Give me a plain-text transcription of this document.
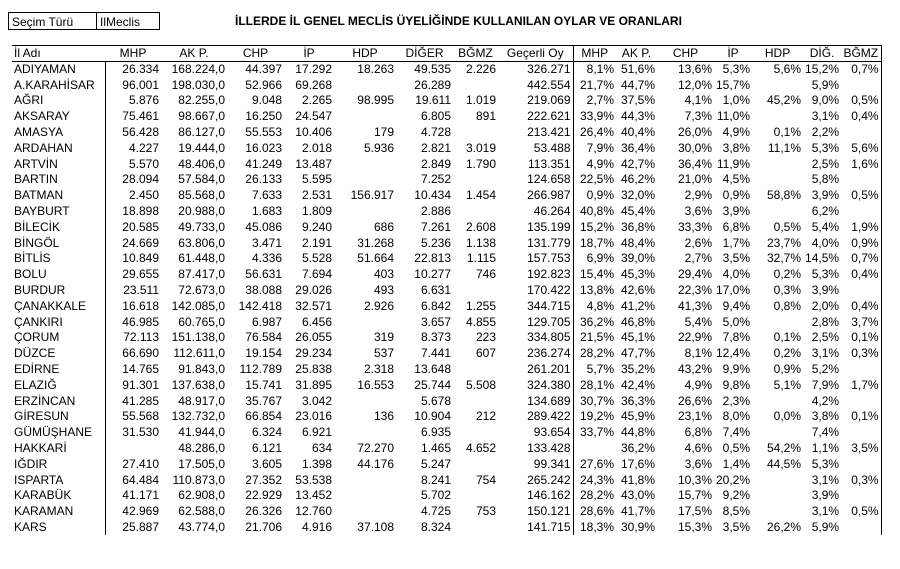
Seçim Türü	IlMeclis	İLLERDE İL GENEL MECLİS ÜYELİĞİNDE KULLANILAN OYLAR VE ORANLARI
İl Adı	MHP	AK P.	CHP	İP	HDP	DİĞER	BĞMZ	Geçerli Oy	MHP	AK P.	CHP	İP	HDP	DİĞ.	BĞMZ
ADIYAMAN	26.334	168.224,0	44.397	17.292	18.263	49.535	2.226	326.271	8,1%	51,6%	13,6%	5,3%	5,6%	15,2%	0,7%
A.KARAHİSAR	96.001	198.030,0	52.966	69.268		26.289		442.554	21,7%	44,7%	12,0%	15,7%		5,9%	
AĞRI	5.876	82.255,0	9.048	2.265	98.995	19.611	1.019	219.069	2,7%	37,5%	4,1%	1,0%	45,2%	9,0%	0,5%
AKSARAY	75.461	98.667,0	16.250	24.547		6.805	891	222.621	33,9%	44,3%	7,3%	11,0%		3,1%	0,4%
AMASYA	56.428	86.127,0	55.553	10.406	179	4.728		213.421	26,4%	40,4%	26,0%	4,9%	0,1%	2,2%	
ARDAHAN	4.227	19.444,0	16.023	2.018	5.936	2.821	3.019	53.488	7,9%	36,4%	30,0%	3,8%	11,1%	5,3%	5,6%
ARTVİN	5.570	48.406,0	41.249	13.487		2.849	1.790	113.351	4,9%	42,7%	36,4%	11,9%		2,5%	1,6%
BARTIN	28.094	57.584,0	26.133	5.595		7.252		124.658	22,5%	46,2%	21,0%	4,5%		5,8%	
BATMAN	2.450	85.568,0	7.633	2.531	156.917	10.434	1.454	266.987	0,9%	32,0%	2,9%	0,9%	58,8%	3,9%	0,5%
BAYBURT	18.898	20.988,0	1.683	1.809		2.886		46.264	40,8%	45,4%	3,6%	3,9%		6,2%	
BİLECİK	20.585	49.733,0	45.086	9.240	686	7.261	2.608	135.199	15,2%	36,8%	33,3%	6,8%	0,5%	5,4%	1,9%
BİNGÖL	24.669	63.806,0	3.471	2.191	31.268	5.236	1.138	131.779	18,7%	48,4%	2,6%	1,7%	23,7%	4,0%	0,9%
BİTLİS	10.849	61.448,0	4.336	5.528	51.664	22.813	1.115	157.753	6,9%	39,0%	2,7%	3,5%	32,7%	14,5%	0,7%
BOLU	29.655	87.417,0	56.631	7.694	403	10.277	746	192.823	15,4%	45,3%	29,4%	4,0%	0,2%	5,3%	0,4%
BURDUR	23.511	72.673,0	38.088	29.026	493	6.631		170.422	13,8%	42,6%	22,3%	17,0%	0,3%	3,9%	
ÇANAKKALE	16.618	142.085,0	142.418	32.571	2.926	6.842	1.255	344.715	4,8%	41,2%	41,3%	9,4%	0,8%	2,0%	0,4%
ÇANKIRI	46.985	60.765,0	6.987	6.456		3.657	4.855	129.705	36,2%	46,8%	5,4%	5,0%		2,8%	3,7%
ÇORUM	72.113	151.138,0	76.584	26.055	319	8.373	223	334.805	21,5%	45,1%	22,9%	7,8%	0,1%	2,5%	0,1%
DÜZCE	66.690	112.611,0	19.154	29.234	537	7.441	607	236.274	28,2%	47,7%	8,1%	12,4%	0,2%	3,1%	0,3%
EDİRNE	14.765	91.843,0	112.789	25.838	2.318	13.648		261.201	5,7%	35,2%	43,2%	9,9%	0,9%	5,2%	
ELAZIĞ	91.301	137.638,0	15.741	31.895	16.553	25.744	5.508	324.380	28,1%	42,4%	4,9%	9,8%	5,1%	7,9%	1,7%
ERZİNCAN	41.285	48.917,0	35.767	3.042		5.678		134.689	30,7%	36,3%	26,6%	2,3%		4,2%	
GİRESUN	55.568	132.732,0	66.854	23.016	136	10.904	212	289.422	19,2%	45,9%	23,1%	8,0%	0,0%	3,8%	0,1%
GÜMÜŞHANE	31.530	41.944,0	6.324	6.921		6.935		93.654	33,7%	44,8%	6,8%	7,4%		7,4%	
HAKKARİ		48.286,0	6.121	634	72.270	1.465	4.652	133.428		36,2%	4,6%	0,5%	54,2%	1,1%	3,5%
IĞDIR	27.410	17.505,0	3.605	1.398	44.176	5.247		99.341	27,6%	17,6%	3,6%	1,4%	44,5%	5,3%	
ISPARTA	64.484	110.873,0	27.352	53.538		8.241	754	265.242	24,3%	41,8%	10,3%	20,2%		3,1%	0,3%
KARABÜK	41.171	62.908,0	22.929	13.452		5.702		146.162	28,2%	43,0%	15,7%	9,2%		3,9%	
KARAMAN	42.969	62.588,0	26.326	12.760		4.725	753	150.121	28,6%	41,7%	17,5%	8,5%		3,1%	0,5%
KARS	25.887	43.774,0	21.706	4.916	37.108	8.324		141.715	18,3%	30,9%	15,3%	3,5%	26,2%	5,9%	
